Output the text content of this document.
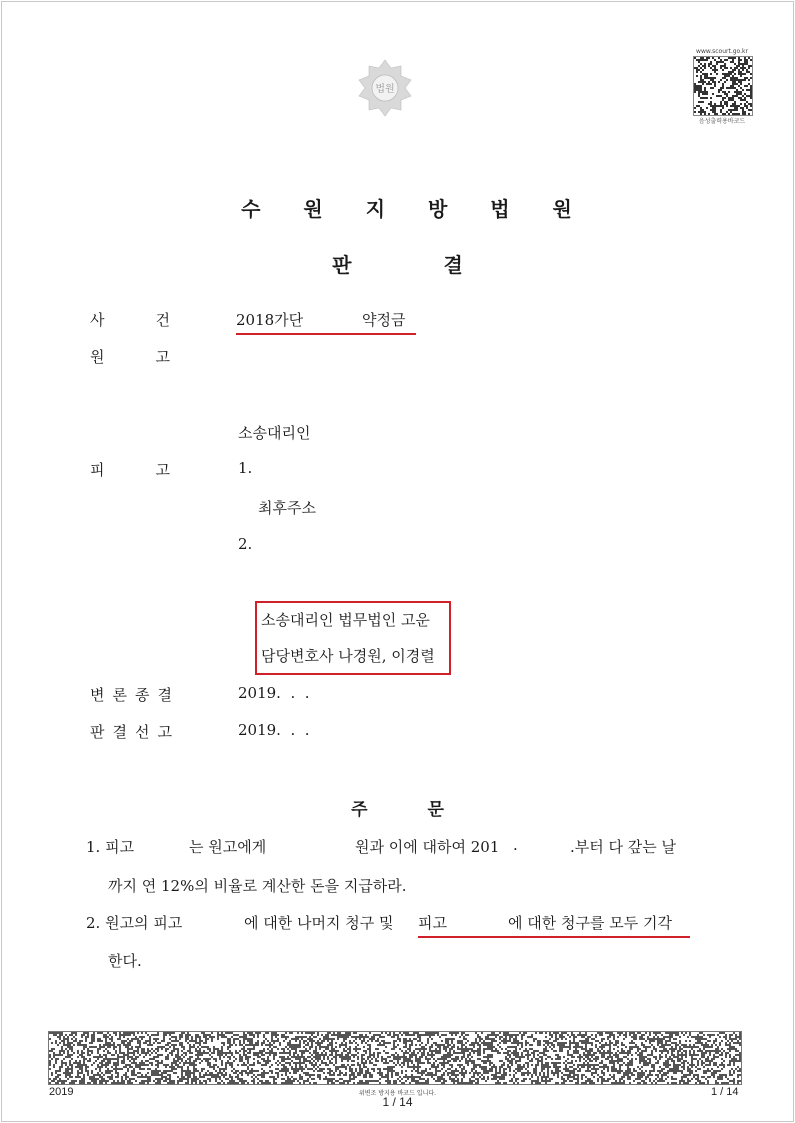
법원
www.scourt.go.kr
음성출력용바코드
수 원 지 방 법 원
판	결
사	건	2018가단	약정금
원	고
소송대리인
피	고	1.
최후주소
2.
소송대리인 법무법인 고운
담당변호사 나경원, 이경렬
변 론 종 결	2019.  .  .
판 결 선 고	2019.  .  .
주	문
1. 피고	는 원고에게	원과 이에 대하여 201 .	.부터 다 갚는 날
까지 연 12%의 비율로 계산한 돈을 지급하라.
2. 원고의 피고	에 대한 나머지 청구 및 피고	에 대한 청구를 모두 기각
한다.
2019	위변조 방지용 바코드 입니다.
1 / 14
1 / 14
